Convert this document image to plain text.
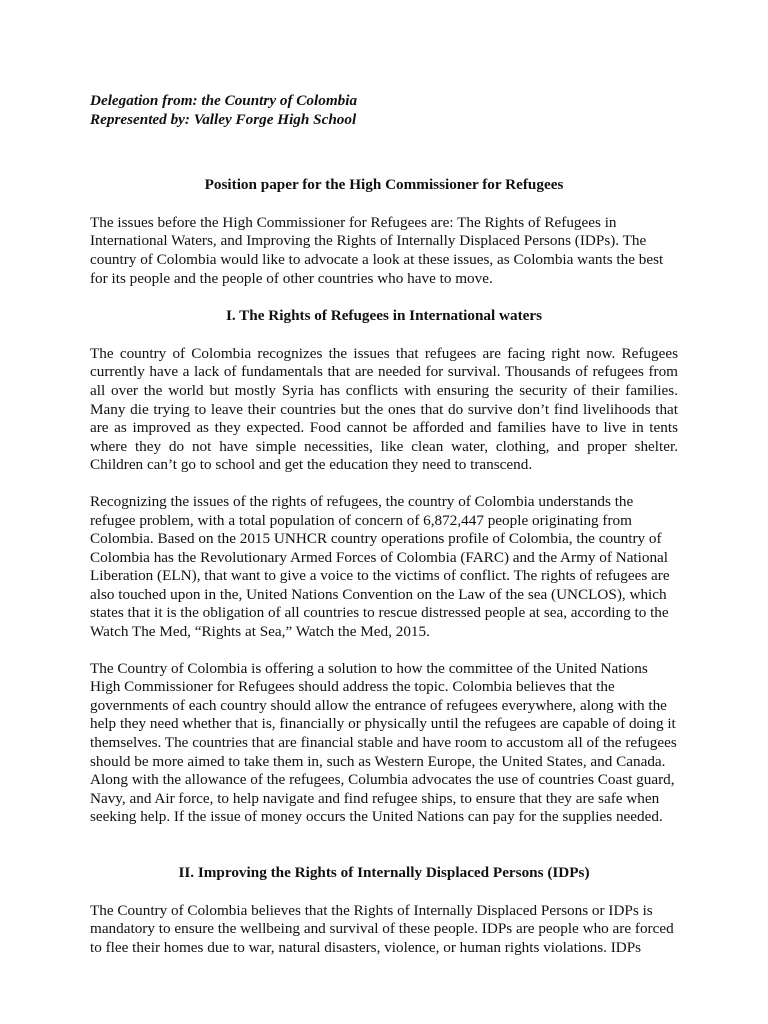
Delegation from: the Country of Colombia

Represented by: Valley Forge High School

Position paper for the High Commissioner for Refugees

The issues before the High Commissioner for Refugees are: The Rights of Refugees in International Waters, and Improving the Rights of Internally Displaced Persons (IDPs). The country of Colombia would like to advocate a look at these issues, as Colombia wants the best for its people and the people of other countries who have to move.

I. The Rights of Refugees in International waters

The country of Colombia recognizes the issues that refugees are facing right now. Refugees currently have a lack of fundamentals that are needed for survival. Thousands of refugees from all over the world but mostly Syria has conflicts with ensuring the security of their families. Many die trying to leave their countries but the ones that do survive don’t find livelihoods that are as improved as they expected. Food cannot be afforded and families have to live in tents where they do not have simple necessities, like clean water, clothing, and proper shelter. Children can’t go to school and get the education they need to transcend.

Recognizing the issues of the rights of refugees, the country of Colombia understands the refugee problem, with a total population of concern of 6,872,447 people originating from Colombia. Based on the 2015 UNHCR country operations profile of Colombia, the country of Colombia has the Revolutionary Armed Forces of Colombia (FARC) and the Army of National Liberation (ELN), that want to give a voice to the victims of conflict. The rights of refugees are also touched upon in the, United Nations Convention on the Law of the sea (UNCLOS), which states that it is the obligation of all countries to rescue distressed people at sea, according to the Watch The Med, “Rights at Sea,” Watch the Med, 2015.

The Country of Colombia is offering a solution to how the committee of the United Nations High Commissioner for Refugees should address the topic. Colombia believes that the governments of each country should allow the entrance of refugees everywhere, along with the help they need whether that is, financially or physically until the refugees are capable of doing it themselves. The countries that are financial stable and have room to accustom all of the refugees should be more aimed to take them in, such as Western Europe, the United States, and Canada. Along with the allowance of the refugees, Columbia advocates the use of countries Coast guard, Navy, and Air force, to help navigate and find refugee ships, to ensure that they are safe when seeking help. If the issue of money occurs the United Nations can pay for the supplies needed.

II. Improving the Rights of Internally Displaced Persons (IDPs)

The Country of Colombia believes that the Rights of Internally Displaced Persons or IDPs is mandatory to ensure the wellbeing and survival of these people. IDPs are people who are forced to flee their homes due to war, natural disasters, violence, or human rights violations. IDPs
